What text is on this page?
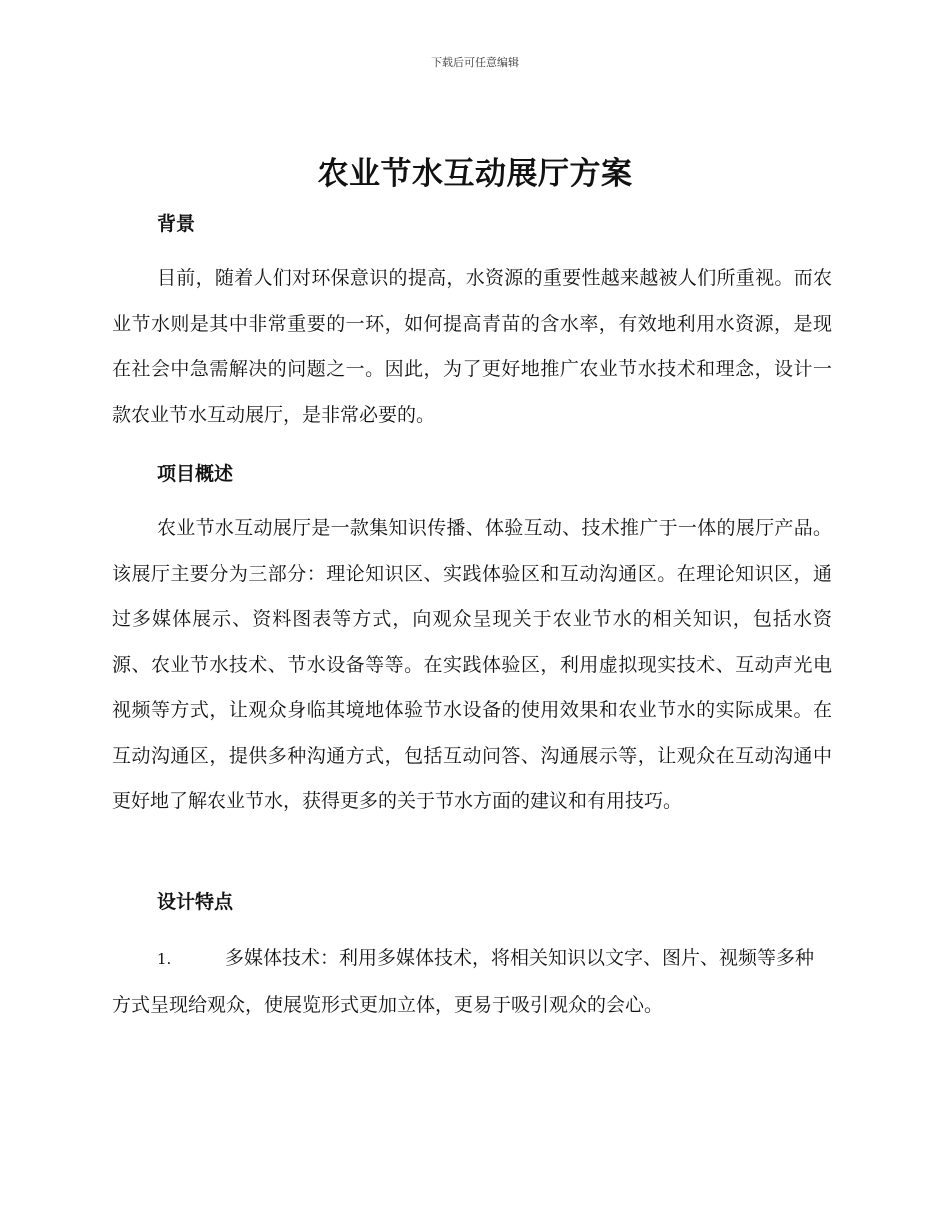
下载后可任意编辑
农业节水互动展厅方案
背景

目前，随着人们对环保意识的提高，水资源的重要性越来越被人们所重视。而农业节水则是其中非常重要的一环，如何提高青苗的含水率，有效地利用水资源，是现在社会中急需解决的问题之一。因此，为了更好地推广农业节水技术和理念，设计一款农业节水互动展厅，是非常必要的。

项目概述

农业节水互动展厅是一款集知识传播、体验互动、技术推广于一体的展厅产品。该展厅主要分为三部分：理论知识区、实践体验区和互动沟通区。在理论知识区，通过多媒体展示、资料图表等方式，向观众呈现关于农业节水的相关知识，包括水资源、农业节水技术、节水设备等等。在实践体验区，利用虚拟现实技术、互动声光电视频等方式，让观众身临其境地体验节水设备的使用效果和农业节水的实际成果。在互动沟通区，提供多种沟通方式，包括互动问答、沟通展示等，让观众在互动沟通中更好地了解农业节水，获得更多的关于节水方面的建议和有用技巧。

设计特点

1.	多媒体技术：利用多媒体技术，将相关知识以文字、图片、视频等多种方式呈现给观众，使展览形式更加立体，更易于吸引观众的会心。
